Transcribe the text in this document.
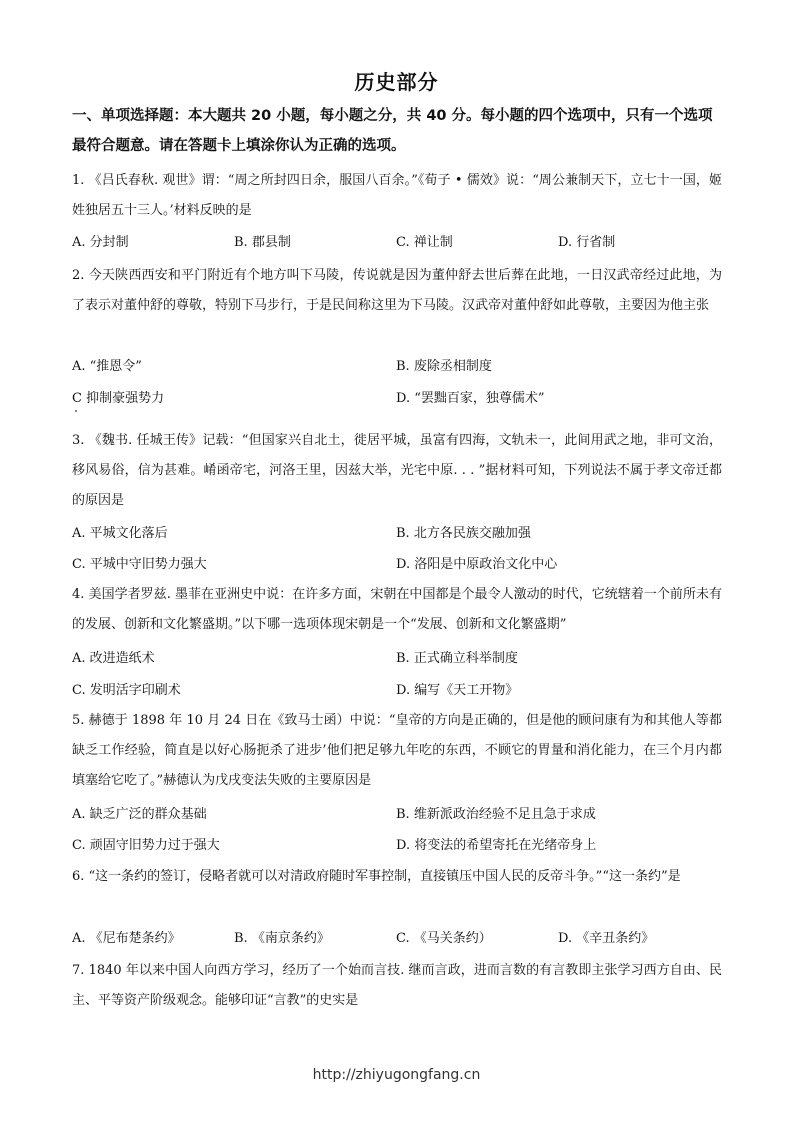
历史部分
一、单项选择题：本大题共 20 小题，每小题之分，共 40 分。每小题的四个选项中，只有一个选项最符合题意。请在答题卡上填涂你认为正确的选项。
1. 《吕氏春秋. 观世》谓：“周之所封四日余，服国八百余。”《荀子 • 儒效》说：“周公兼制天下，立七十一国，姬姓独居五十三人。’材料反映的是
A. 分封制	B. 郡县制	C. 禅让制	D. 行省制
2. 今天陕西西安和平门附近有个地方叫下马陵，传说就是因为董仲舒去世后葬在此地，一日汉武帝经过此地，为了表示对董仲舒的尊敬，特别下马步行，于是民间称这里为下马陵。汉武帝对董仲舒如此尊敬，主要因为他主张
A. “推恩令”	B. 废除丞相制度
C 抑制豪强势力	D. “罢黜百家，独尊儒术”
3. 《魏书. 任城王传》记载：“但国家兴自北土，徙居平城，虽富有四海，文轨未一，此间用武之地，非可文治，移风易俗，信为甚难。崤函帝宅，河洛王里，因兹大举，光宅中原. . . ”据材料可知，下列说法不属于孝文帝迁都的原因是
A. 平城文化落后	B. 北方各民族交融加强
C. 平城中守旧势力强大	D. 洛阳是中原政治文化中心
4. 美国学者罗兹. 墨菲在亚洲史中说：在许多方面，宋朝在中国都是个最令人激动的时代，它统辖着一个前所未有的发展、创新和文化繁盛期。”以下哪一选项体现宋朝是一个“发展、创新和文化繁盛期”
A. 改进造纸术	B. 正式确立科举制度
C. 发明活字印刷术	D. 编写《天工开物》
5. 赫德于 1898 年 10 月 24 日在《致马士函）中说：“皇帝的方向是正确的，但是他的顾问康有为和其他人等都缺乏工作经验，简直是以好心肠扼杀了进步’他们把足够九年吃的东西，不顾它的胃量和消化能力，在三个月内都填塞给它吃了。”赫德认为戊戌变法失败的主要原因是
A. 缺乏广泛的群众基础	B. 维新派政治经验不足且急于求成
C. 顽固守旧势力过于强大	D. 将变法的希望寄托在光绪帝身上
6. “这一条约的签订，侵略者就可以对清政府随时军事控制，直接镇压中国人民的反帝斗争。”“这一条约”是
A. 《尼布楚条约》	B. 《南京条约》	C. 《马关条约）	D. 《辛丑条约》
7. 1840 年以来中国人向西方学习，经历了一个始而言技. 继而言政，进而言数的有言教即主张学习西方自由、民主、平等资产阶级观念。能够印证“言教”的史实是
http://zhiyugongfang.cn
